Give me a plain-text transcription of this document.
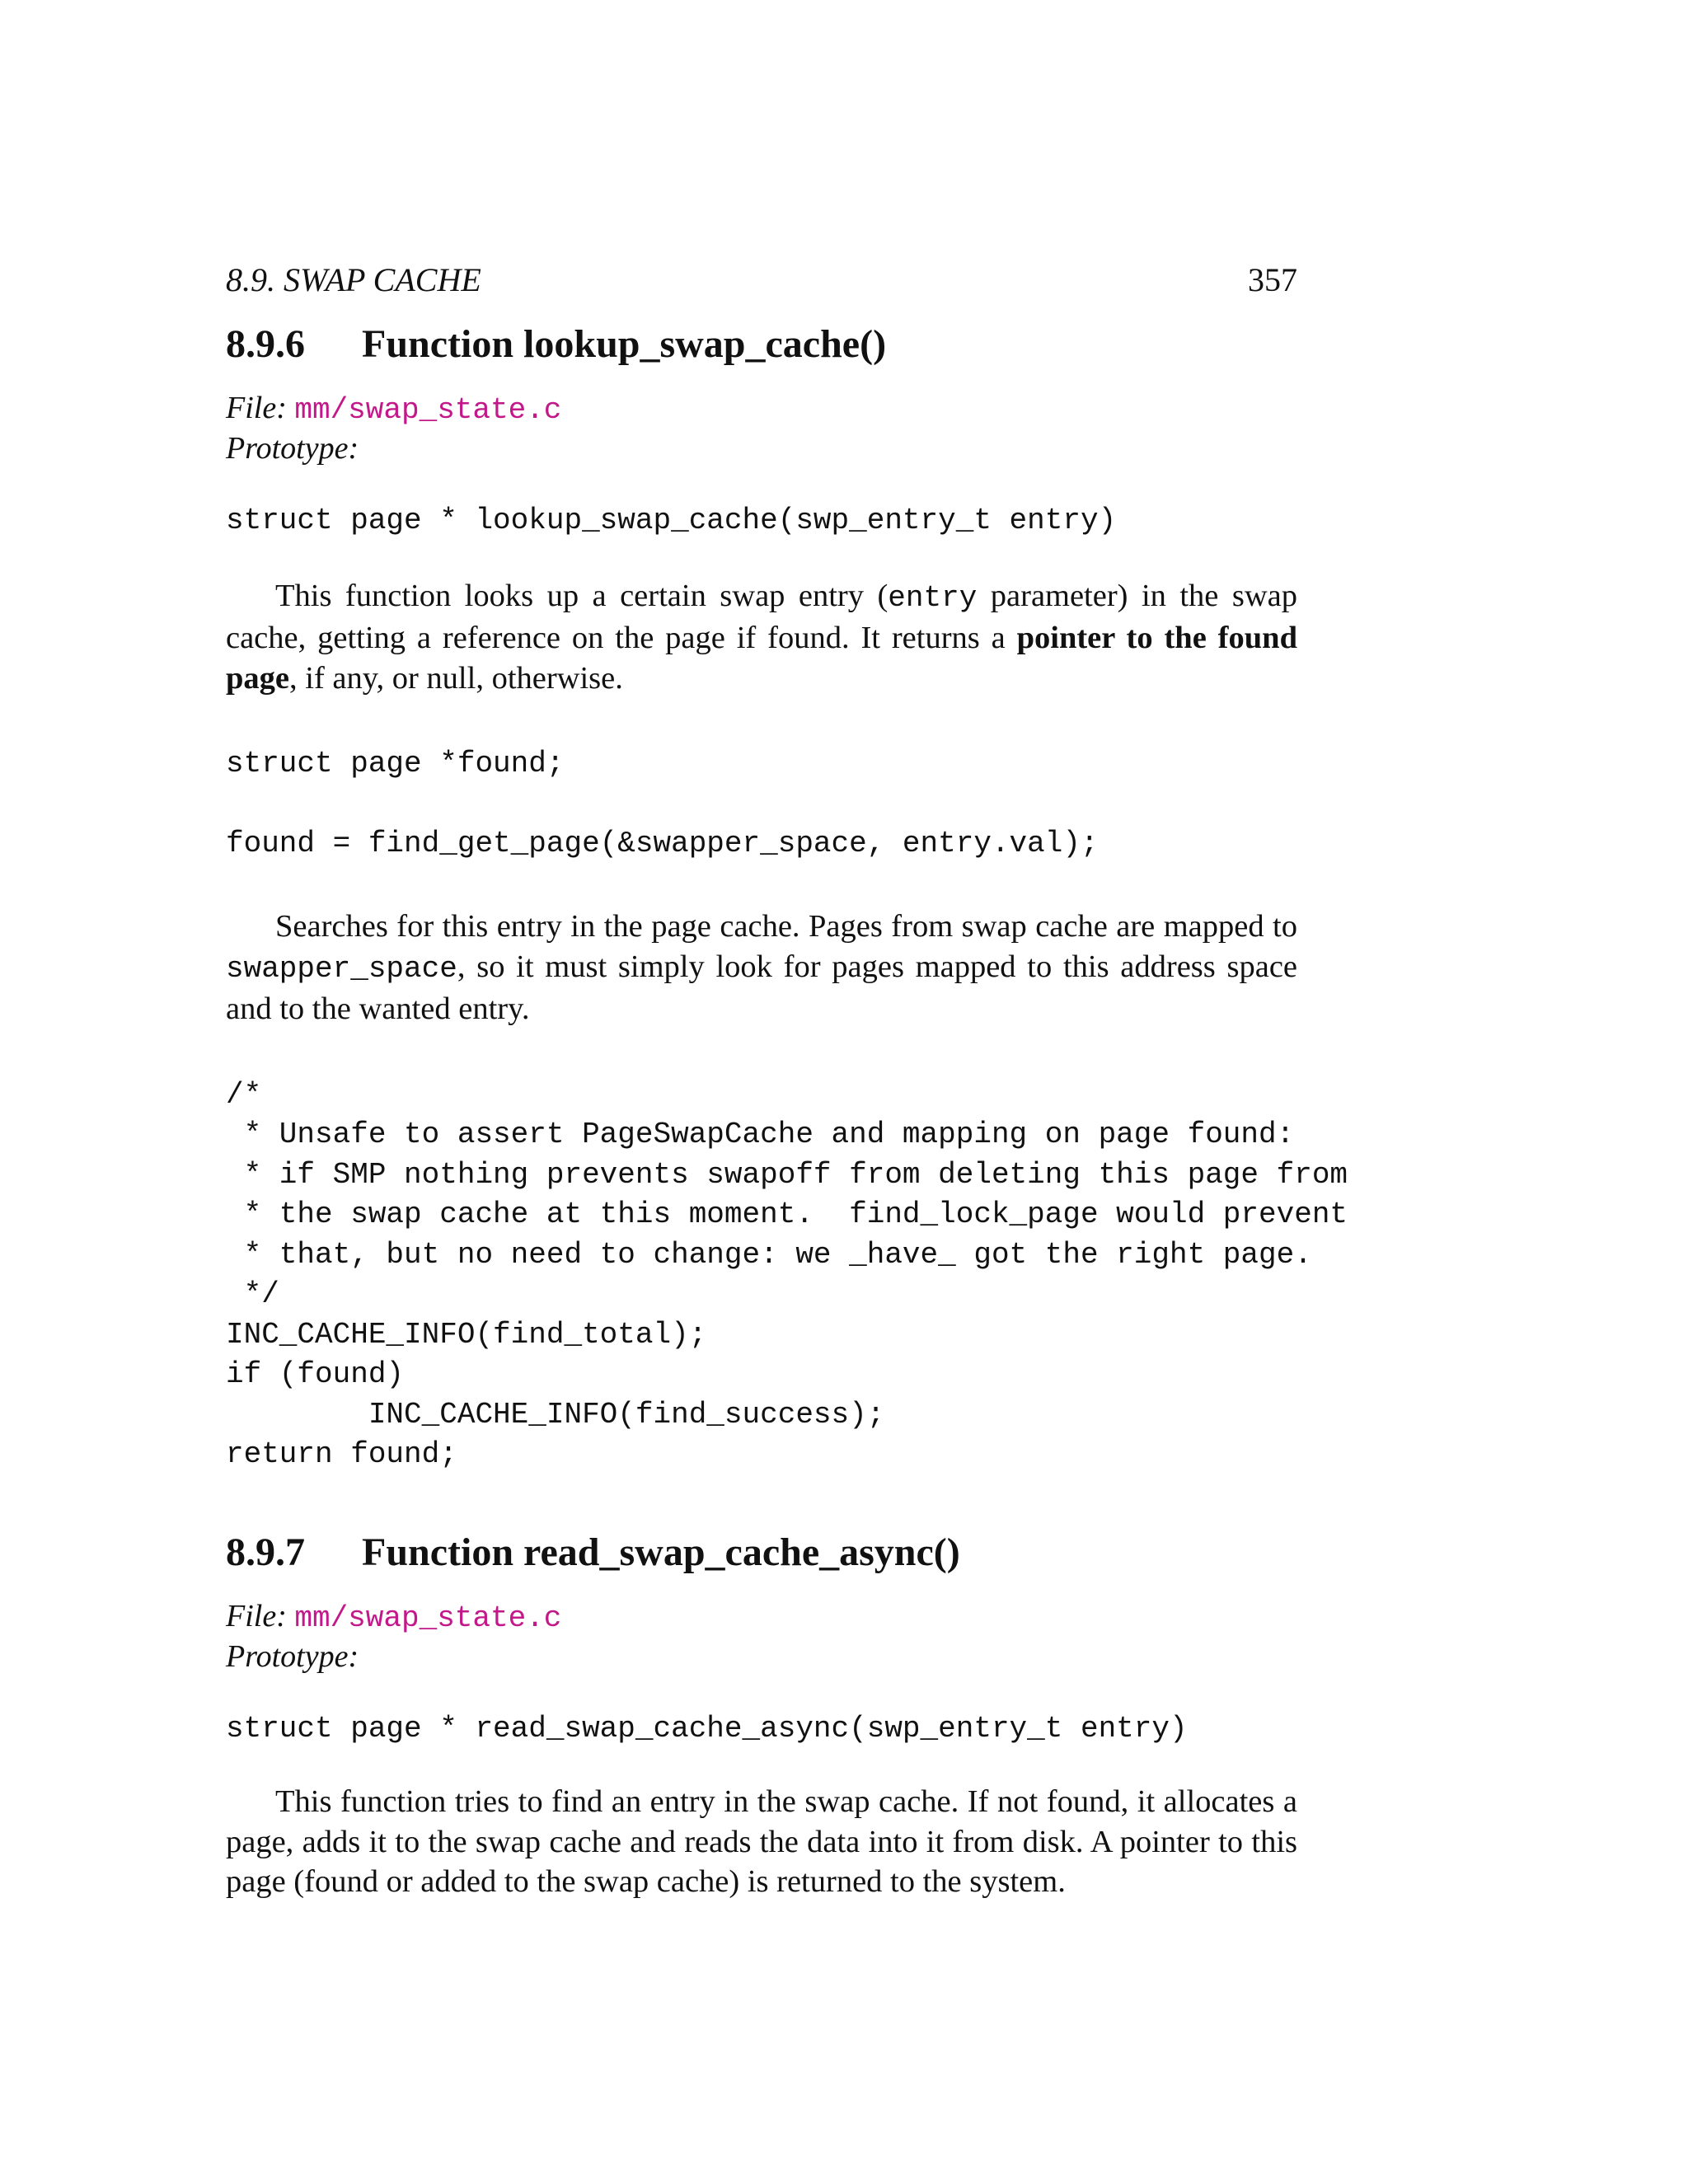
8.9. SWAP CACHE	357
8.9.6 Function lookup_swap_cache()
File: mm/swap_state.c
Prototype:
struct page * lookup_swap_cache(swp_entry_t entry)

This function looks up a certain swap entry (entry parameter) in the swap cache, getting a reference on the page if found. It returns a pointer to the found page, if any, or null, otherwise.

struct page *found;
found = find_get_page(&swapper_space, entry.val);

Searches for this entry in the page cache. Pages from swap cache are mapped to swapper_space, so it must simply look for pages mapped to this address space and to the wanted entry.

/*
* Unsafe to assert PageSwapCache and mapping on page found:
* if SMP nothing prevents swapoff from deleting this page from
* the swap cache at this moment.  find_lock_page would prevent
* that, but no need to change: we _have_ got the right page.
*/
INC_CACHE_INFO(find_total);
if (found)
INC_CACHE_INFO(find_success);
return found;
8.9.7 Function read_swap_cache_async()
File: mm/swap_state.c
Prototype:
struct page * read_swap_cache_async(swp_entry_t entry)

This function tries to find an entry in the swap cache. If not found, it allocates a page, adds it to the swap cache and reads the data into it from disk. A pointer to this page (found or added to the swap cache) is returned to the system.
